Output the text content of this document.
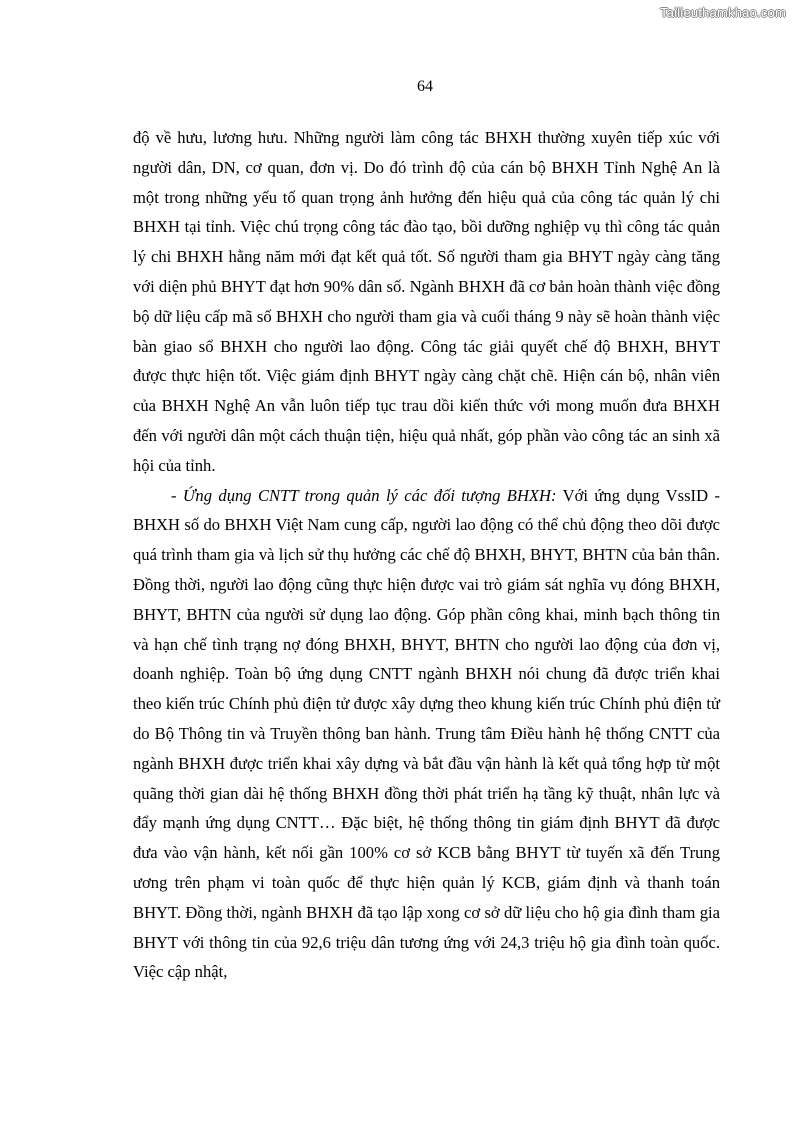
Tailieuthamkhao.com
64

độ về hưu, lương hưu. Những người làm công tác BHXH thường xuyên tiếp xúc với người dân, DN, cơ quan, đơn vị. Do đó trình độ của cán bộ BHXH Tỉnh Nghệ An là một trong những yếu tố quan trọng ảnh hưởng đến hiệu quả của công tác quản lý chi BHXH tại tỉnh. Việc chú trọng công tác đào tạo, bồi dưỡng nghiệp vụ thì công tác quản lý chi BHXH hằng năm mới đạt kết quả tốt. Số người tham gia BHYT ngày càng tăng với diện phủ BHYT đạt hơn 90% dân số. Ngành BHXH đã cơ bản hoàn thành việc đồng bộ dữ liệu cấp mã số BHXH cho người tham gia và cuối tháng 9 này sẽ hoàn thành việc bàn giao sổ BHXH cho người lao động. Công tác giải quyết chế độ BHXH, BHYT được thực hiện tốt. Việc giám định BHYT ngày càng chặt chẽ. Hiện cán bộ, nhân viên của BHXH Nghệ An vẫn luôn tiếp tục trau dồi kiến thức với mong muốn đưa BHXH đến với người dân một cách thuận tiện, hiệu quả nhất, góp phần vào công tác an sinh xã hội của tỉnh.

- Ứng dụng CNTT trong quản lý các đối tượng BHXH: Với ứng dụng VssID - BHXH số do BHXH Việt Nam cung cấp, người lao động có thể chủ động theo dõi được quá trình tham gia và lịch sử thụ hưởng các chế độ BHXH, BHYT, BHTN của bản thân. Đồng thời, người lao động cũng thực hiện được vai trò giám sát nghĩa vụ đóng BHXH, BHYT, BHTN của người sử dụng lao động. Góp phần công khai, minh bạch thông tin và hạn chế tình trạng nợ đóng BHXH, BHYT, BHTN cho người lao động của đơn vị, doanh nghiệp. Toàn bộ ứng dụng CNTT ngành BHXH nói chung đã được triển khai theo kiến trúc Chính phủ điện tử được xây dựng theo khung kiến trúc Chính phủ điện tử do Bộ Thông tin và Truyền thông ban hành. Trung tâm Điều hành hệ thống CNTT của ngành BHXH được triển khai xây dựng và bắt đầu vận hành là kết quả tổng hợp từ một quãng thời gian dài hệ thống BHXH đồng thời phát triển hạ tầng kỹ thuật, nhân lực và đẩy mạnh ứng dụng CNTT… Đặc biệt, hệ thống thông tin giám định BHYT đã được đưa vào vận hành, kết nối gần 100% cơ sở KCB bằng BHYT từ tuyến xã đến Trung ương trên phạm vi toàn quốc để thực hiện quản lý KCB, giám định và thanh toán BHYT. Đồng thời, ngành BHXH đã tạo lập xong cơ sở dữ liệu cho hộ gia đình tham gia BHYT với thông tin của 92,6 triệu dân tương ứng với 24,3 triệu hộ gia đình toàn quốc. Việc cập nhật,
